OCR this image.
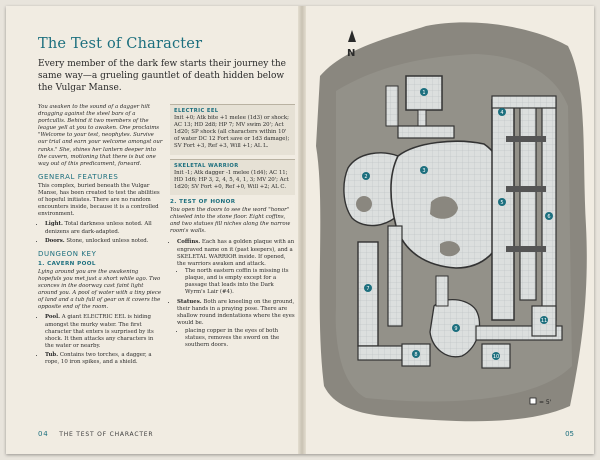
The Test of Character
Every member of the dark few starts their journey the same way—a grueling gauntlet of death hidden below the Vulgar Manse.

You awaken to the sound of a dagger hilt dragging against the steel bars of a portcullis. Behind it two members of the league yell at you to awaken. One proclaims "Welcome to your test, neophytes. Survive our trial and earn your welcome amongst our ranks." She, shines her lantern deeper into the cavern, motioning that there is but one way out of this predicament, forward.

GENERAL FEATURES

This complex, buried beneath the Vulgar Manse, has been created to test the abilities of hopeful initiates. There are no random encounters inside, because it is a controlled environment.

• Light. Total darkness unless noted. All denizens are dark-adapted.
• Doors. Stone, unlocked unless noted.
DUNGEON KEY
1. CAVERN POOL

Lying around you are the awakening hopefuls you met just a short while ago. Two sconces in the doorway cast faint light around you. A pool of water with a tiny piece of land and a tub full of gear on it covers the opposite end of the room.

• Pool. A giant ELECTRIC EEL is hiding amongst the murky water. The first character that enters is surprised by its shock. It then attacks any characters in the water or nearby.
• Tub. Contains two torches, a dagger, a rope, 10 iron spikes, and a shield.
ELECTRIC EEL
Init +0; Atk bite +1 melee (1d3) or shock; AC 13; HD 2d8; HP 7; MV swim 20'; Act 1d20; SP shock (all characters within 10' of water DC 12 Fort save or 1d3 damage); SV Fort +3, Ref +3, Will +1; AL L.
SKELETAL WARRIOR
Init -1; Atk dagger -1 melee (1d4); AC 11; HD 1d6; HP 3, 2, 4, 5, 4, 1, 3; MV 20'; Act 1d20; SV Fort +0, Ref +0, Will +2; AL C.
2. TEST OF HONOR

You open the doors to see the word "honor" chiseled into the stone floor. Eight coffins, and two statues fill niches along the narrow room's walls.

• Coffins. Each has a golden plaque with an engraved name on it (past keepers), and a SKELETAL WARRIOR inside. If opened, the warriors awaken and attack.
• The north eastern coffin is missing its plaque, and is empty except for a passage that leads into the Dark Wyrm's Lair (#4).
• Statues. Both are kneeling on the ground, their hands in a praying pose. There are shallow round indentations where the eyes would be.
• placing copper in the eyes of both statues, removes the sword on the southern doors.
04 THE TEST OF CHARACTER
N
1
2
3
4
5
6
7
8
9
10
11
= 5'
05
